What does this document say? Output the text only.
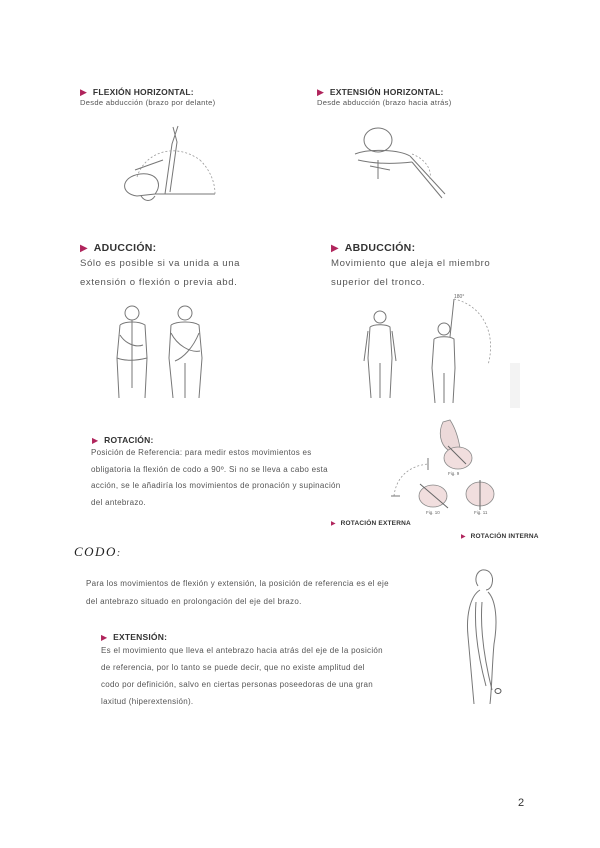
▶ FLEXIÓN HORIZONTAL:
Desde abducción (brazo por delante)
▶ EXTENSIÓN HORIZONTAL:
Desde abducción (brazo hacia atrás)
▶ ADUCCIÓN:
Sólo es posible si va unida a una
extensión o flexión o previa abd.
▶ ABDUCCIÓN:
Movimiento que aleja el miembro
superior del tronco.
180°
▶ ROTACIÓN:
Posición de Referencia: para medir estos movimientos es
obligatoria la flexión de codo a 90º. Si no se lleva a cabo esta
acción, se le añadiría los movimientos de pronación y supinación
del antebrazo.
Fig. 9
Fig. 10	Fig. 11
▶ ROTACIÓN EXTERNA
▶ ROTACIÓN INTERNA
CODO:
Para los movimientos de flexión y extensión, la posición de referencia es el eje
del antebrazo situado en prolongación del eje del brazo.
▶ EXTENSIÓN:
Es el movimiento que lleva el antebrazo hacia atrás del eje de la posición
de referencia, por lo tanto se puede decir, que no existe amplitud del
codo por definición, salvo en ciertas personas poseedoras de una gran
laxitud (hiperextensión).
2
